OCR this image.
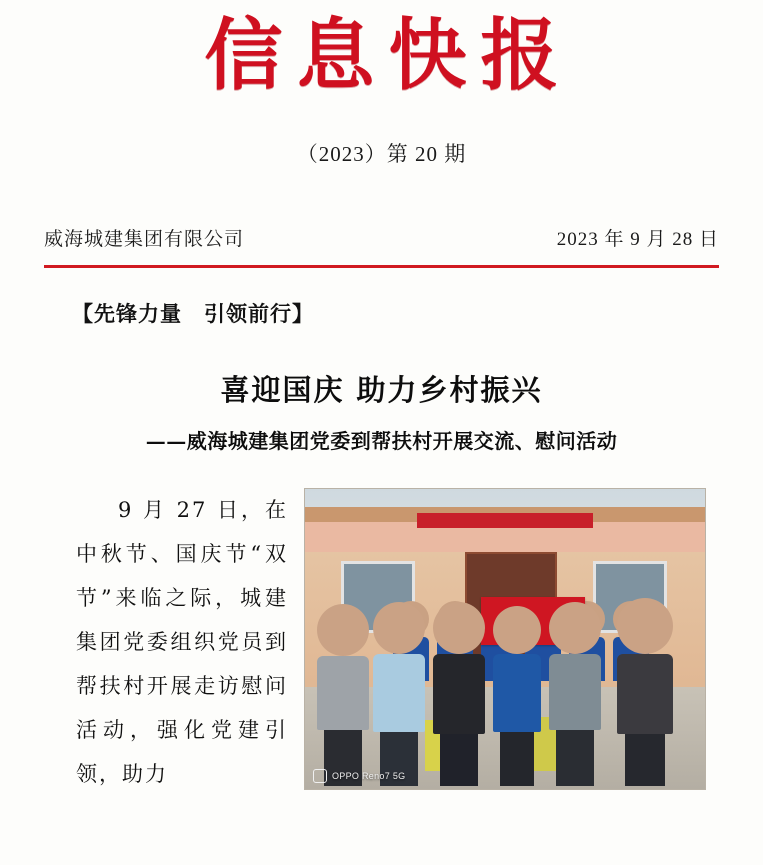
信息快报
（2023）第 20 期
威海城建集团有限公司	2023 年 9 月 28 日
【先锋力量　引领前行】
喜迎国庆 助力乡村振兴
——威海城建集团党委到帮扶村开展交流、慰问活动
9 月 27 日，在中秋节、国庆节“双节”来临之际，城建集团党委组织党员到帮扶村开展走访慰问活动，强化党建引领，助力	OPPO Reno7 5G
